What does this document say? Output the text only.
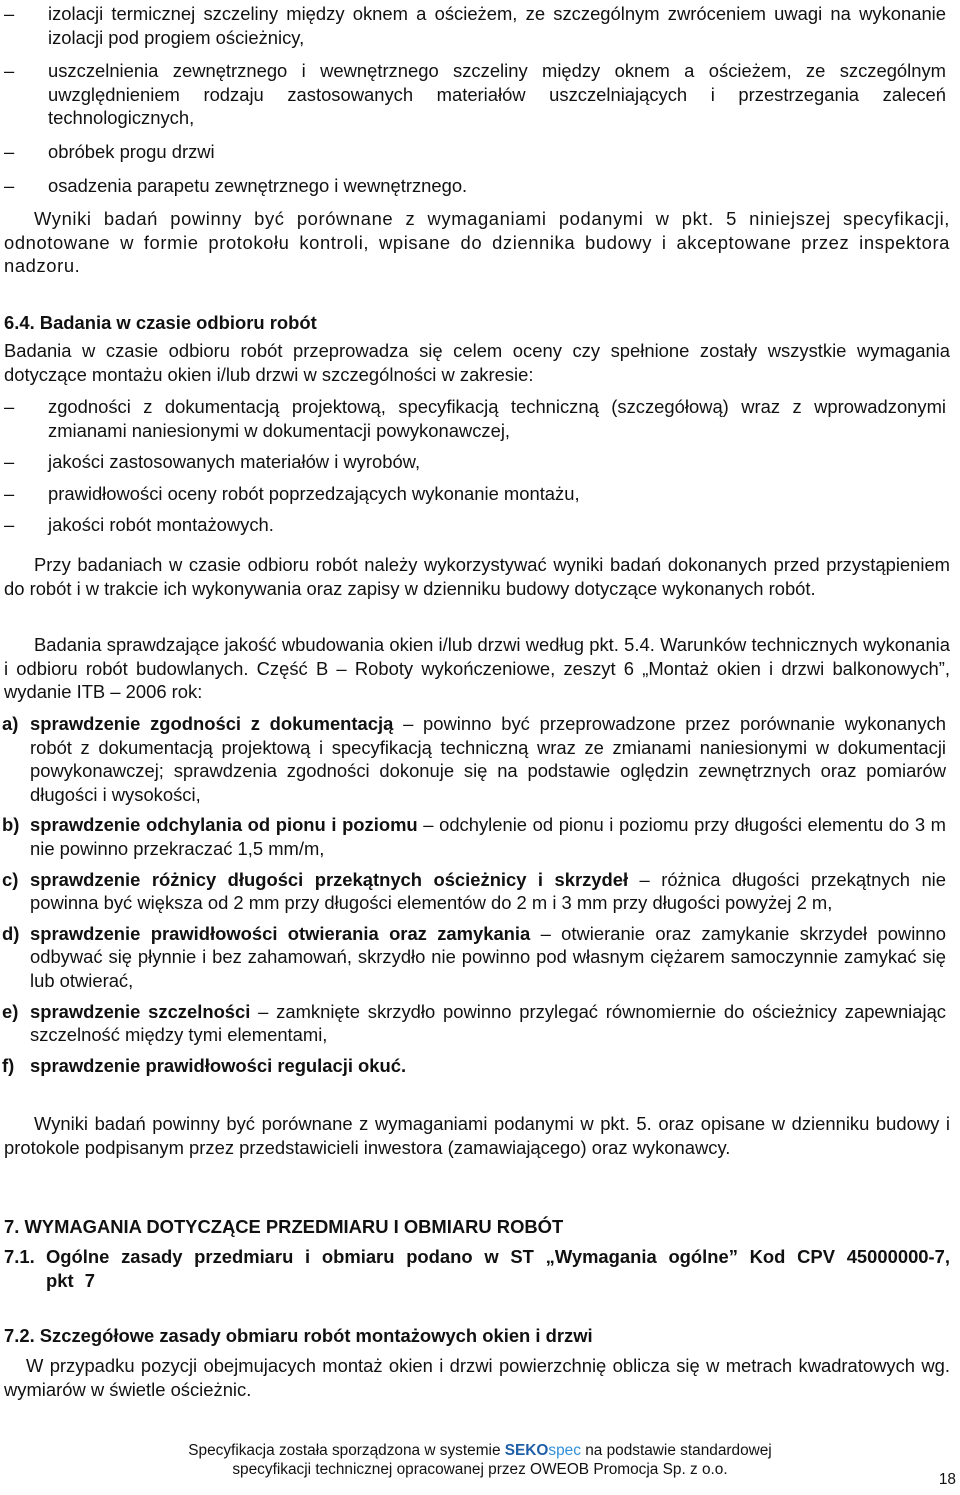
–	izolacji termicznej szczeliny między oknem a ościeżem, ze szczególnym zwróceniem uwagi na wykonanie izolacji pod progiem ościeżnicy,
–	uszczelnienia zewnętrznego i wewnętrznego szczeliny między oknem a ościeżem, ze szczególnym uwzględnieniem rodzaju zastosowanych materiałów uszczelniających i przestrzegania zaleceń technologicznych,
–	obróbek progu drzwi
–	osadzenia parapetu zewnętrznego i wewnętrznego.
Wyniki badań powinny być porównane z wymaganiami podanymi w pkt. 5 niniejszej specyfikacji, odnotowane w formie protokołu kontroli, wpisane do dziennika budowy i akceptowane przez inspektora nadzoru.
6.4. Badania w czasie odbioru robót
Badania w czasie odbioru robót przeprowadza się celem oceny czy spełnione zostały wszystkie wymagania dotyczące montażu okien i/lub drzwi w szczególności w zakresie:
–	zgodności z dokumentacją projektową, specyfikacją techniczną (szczegółową) wraz z wprowadzonymi zmianami naniesionymi w dokumentacji powykonawczej,
–	jakości zastosowanych materiałów i wyrobów,
–	prawidłowości oceny robót poprzedzających wykonanie montażu,
–	jakości robót montażowych.
Przy badaniach w czasie odbioru robót należy wykorzystywać wyniki badań dokonanych przed przystąpieniem do robót i w trakcie ich wykonywania oraz zapisy w dzienniku budowy dotyczące wykonanych robót.
Badania sprawdzające jakość wbudowania okien i/lub drzwi według pkt. 5.4. Warunków technicznych wykonania i odbioru robót budowlanych. Część B – Roboty wykończeniowe, zeszyt 6 „Montaż okien i drzwi balkonowych”, wydanie ITB – 2006 rok:
a) sprawdzenie zgodności z dokumentacją – powinno być przeprowadzone przez porównanie wykonanych robót z dokumentacją projektową i specyfikacją techniczną wraz ze zmianami naniesionymi w dokumentacji powykonawczej; sprawdzenia zgodności dokonuje się na podstawie oględzin zewnętrznych oraz pomiarów długości i wysokości,
b) sprawdzenie odchylania od pionu i poziomu – odchylenie od pionu i poziomu przy długości elementu do 3 m nie powinno przekraczać 1,5 mm/m,
c) sprawdzenie różnicy długości przekątnych ościeżnicy i skrzydeł – różnica długości przekątnych nie powinna być większa od 2 mm przy długości elementów do 2 m i 3 mm przy długości powyżej 2 m,
d) sprawdzenie prawidłowości otwierania oraz zamykania – otwieranie oraz zamykanie skrzydeł powinno odbywać się płynnie i bez zahamowań, skrzydło nie powinno pod własnym ciężarem samoczynnie zamykać się lub otwierać,
e) sprawdzenie szczelności – zamknięte skrzydło powinno przylegać równomiernie do ościeżnicy zapewniając szczelność między tymi elementami,
f) sprawdzenie prawidłowości regulacji okuć.
Wyniki badań powinny być porównane z wymaganiami podanymi w pkt. 5. oraz opisane w dzienniku budowy i protokole podpisanym przez przedstawicieli inwestora (zamawiającego) oraz wykonawcy.
7. WYMAGANIA DOTYCZĄCE PRZEDMIARU I OBMIARU ROBÓT
7.1. Ogólne zasady przedmiaru i obmiaru podano w ST „Wymagania ogólne” Kod CPV 45000000-7, pkt 7
7.2. Szczegółowe zasady obmiaru robót montażowych okien i drzwi
W przypadku pozycji obejmujacych montaż okien i drzwi powierzchnię oblicza się w metrach kwadratowych wg. wymiarów w świetle ościeżnic.
Specyfikacja została sporządzona w systemie SEKOspec na podstawie standardowej
specyfikacji technicznej opracowanej przez OWEOB Promocja Sp. z o.o.
18
